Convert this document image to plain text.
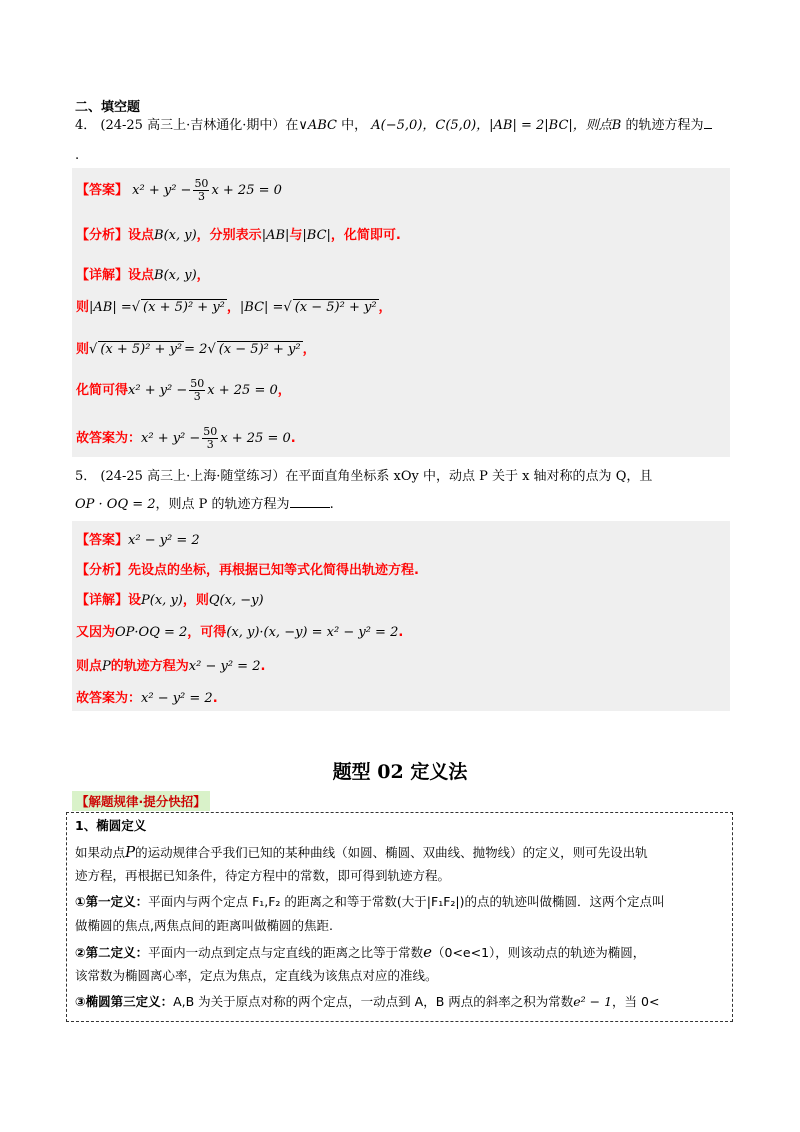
二、填空题
4． (24-25 高三上·吉林通化·期中）在∨ABC 中， A(−5,0)，C(5,0)，|AB| = 2|BC|，则点B 的轨迹方程为
.
【答案】 $x^2 + y^2 - \frac{50}{3}$ x + 25 = 0
【分析】设点B(x, y)，分别表示|AB|与|BC|，化简即可.
【详解】设点B(x, y)，
则|AB| =√ (x + 5)² + y² ，|BC| =√ (x − 5)² + y² ，
则√ (x + 5)² + y² = 2√ (x − 5)² + y² ，
化简可得$x^2 + y^2 - \frac{50}{3}$ x + 25 = 0，
故答案为：$x^2 + y^2 - \frac{50}{3}$ x + 25 = 0.
5． (24-25 高三上·上海·随堂练习）在平面直角坐标系 xOy 中，动点 P 关于 x 轴对称的点为 Q，且
OP · OQ = 2，则点 P 的轨迹方程为	.
【答案】x² − y² = 2
【分析】先设点的坐标，再根据已知等式化简得出轨迹方程.
【详解】设P(x, y)，则Q(x, −y)
又因为OP·OQ = 2，可得(x, y)·(x, −y) = x² − y² = 2.
则点P的轨迹方程为x² − y² = 2.
故答案为：x² − y² = 2.
题型 02 定义法
【解题规律·提分快招】
1、椭圆定义
如果动点P的运动规律合乎我们已知的某种曲线（如圆、椭圆、双曲线、抛物线）的定义，则可先设出轨
迹方程，再根据已知条件，待定方程中的常数，即可得到轨迹方程。
①第一定义：平面内与两个定点 F₁,F₂ 的距离之和等于常数(大于|F₁F₂|)的点的轨迹叫做椭圆．这两个定点叫
做椭圆的焦点,两焦点间的距离叫做椭圆的焦距.
②第二定义：平面内一动点到定点与定直线的距离之比等于常数e（0<e<1），则该动点的轨迹为椭圆，
该常数为椭圆离心率，定点为焦点，定直线为该焦点对应的准线。
③椭圆第三定义：A,B 为关于原点对称的两个定点，一动点到 A，B 两点的斜率之积为常数e² − 1，当 0<
